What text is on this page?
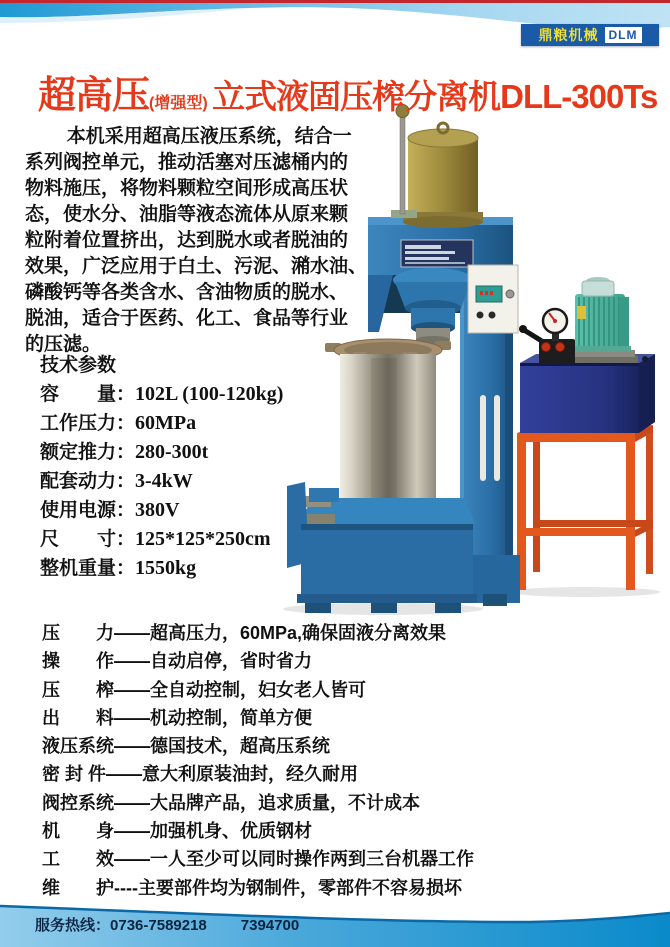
鼎粮机械 DLM
超高压(增强型) 立式液固压榨分离机DLL-300Ts
本机采用超高压液压系统，结合一
系列阀控单元，推动活塞对压滤桶内的
物料施压，将物料颗粒空间形成高压状
态，使水分、油脂等液态流体从原来颗
粒附着位置挤出，达到脱水或者脱油的
效果，广泛应用于白土、污泥、潲水油、
磷酸钙等各类含水、含油物质的脱水、
脱油，适合于医药、化工、食品等行业
的压滤。
技术参数
容　　量： 102L (100-120kg)
工作压力： 60MPa
额定推力： 280-300t
配套动力： 3-4kW
使用电源： 380V
尺　　寸： 125*125*250cm
整机重量： 1550kg
压　　力——超高压力，60MPa,确保固液分离效果
操　　作——自动启停，省时省力
压　　榨——全自动控制，妇女老人皆可
出　　料——机动控制，简单方便
液压系统——德国技术，超高压系统
密 封 件——意大利原装油封，经久耐用
阀控系统——大品牌产品，追求质量，不计成本
机　　身——加强机身、优质钢材
工　　效——一人至少可以同时操作两到三台机器工作
维　　护----主要部件均为钢制件，零部件不容易损坏
服务热线：0736-7589218 7394700
